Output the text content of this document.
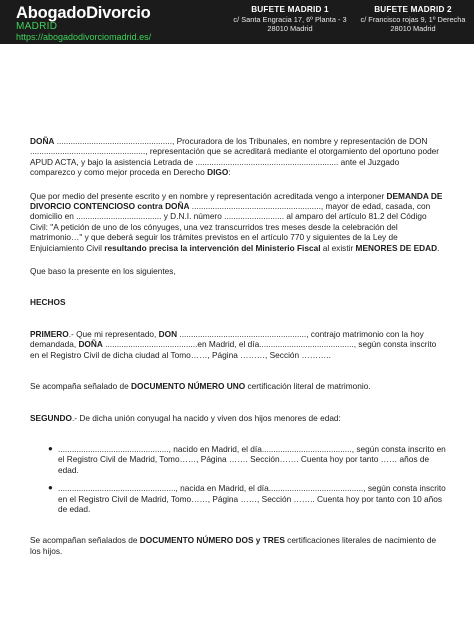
AbogadoDivorcio
MADRID
https://abogadodivorciomadrid.es/
BUFETE MADRID 1
c/ Santa Engracia 17, 6º Planta - 3
28010 Madrid
BUFETE MADRID 2
c/ Francisco rojas 9, 1º Derecha
28010 Madrid

DOÑA .................................................., Procuradora de los Tribunales, en nombre y representación de DON .................................................., representación que se acreditará mediante el otorgamiento del oportuno poder APUD ACTA, y bajo la asistencia Letrada de .............................................................. ante el Juzgado comparezco y como mejor proceda en Derecho DIGO:

Que por medio del presente escrito y en nombre y representación acreditada vengo a interponer DEMANDA DE DIVORCIO CONTENCIOSO contra DOÑA ........................................................, mayor de edad, casada, con domicilio en ..................................... y D.N.I. número .......................... al amparo del artículo 81.2 del Código Civil: "A petición de uno de los cónyuges, una vez transcurridos tres meses desde la celebración del matrimonio…" y que deberá seguir los trámites previstos en el artículo 770 y siguientes de la Ley de Enjuiciamiento Civil resultando precisa la intervención del Ministerio Fiscal al existir MENORES DE EDAD.

Que baso la presente en los siguientes,

HECHOS

PRIMERO.- Que mi representado, DON ......................................................., contrajo matrimonio con la hoy demandada, DOÑA ........................................en Madrid, el día........................................., según consta inscrito en el Registro Civil de dicha ciudad al Tomo……, Página ………, Sección ………..

Se acompaña señalado de DOCUMENTO NÚMERO UNO certificación literal de matrimonio.

SEGUNDO.- De dicha unión conyugal ha nacido y viven dos hijos menores de edad:

● ................................................, nacido en Madrid, el día......................................., según consta inscrito en el Registro Civil de Madrid, Tomo……, Página ……. Sección……. Cuenta hoy por tanto …… años de edad.
● ..................................................., nacida en Madrid, el día........................................., según consta inscrito en el Registro Civil de Madrid, Tomo……, Página ……, Sección …….. Cuenta hoy por tanto con 10 años de edad.

Se acompañan señalados de DOCUMENTO NÚMERO DOS y TRES certificaciones literales de nacimiento de los hijos.
